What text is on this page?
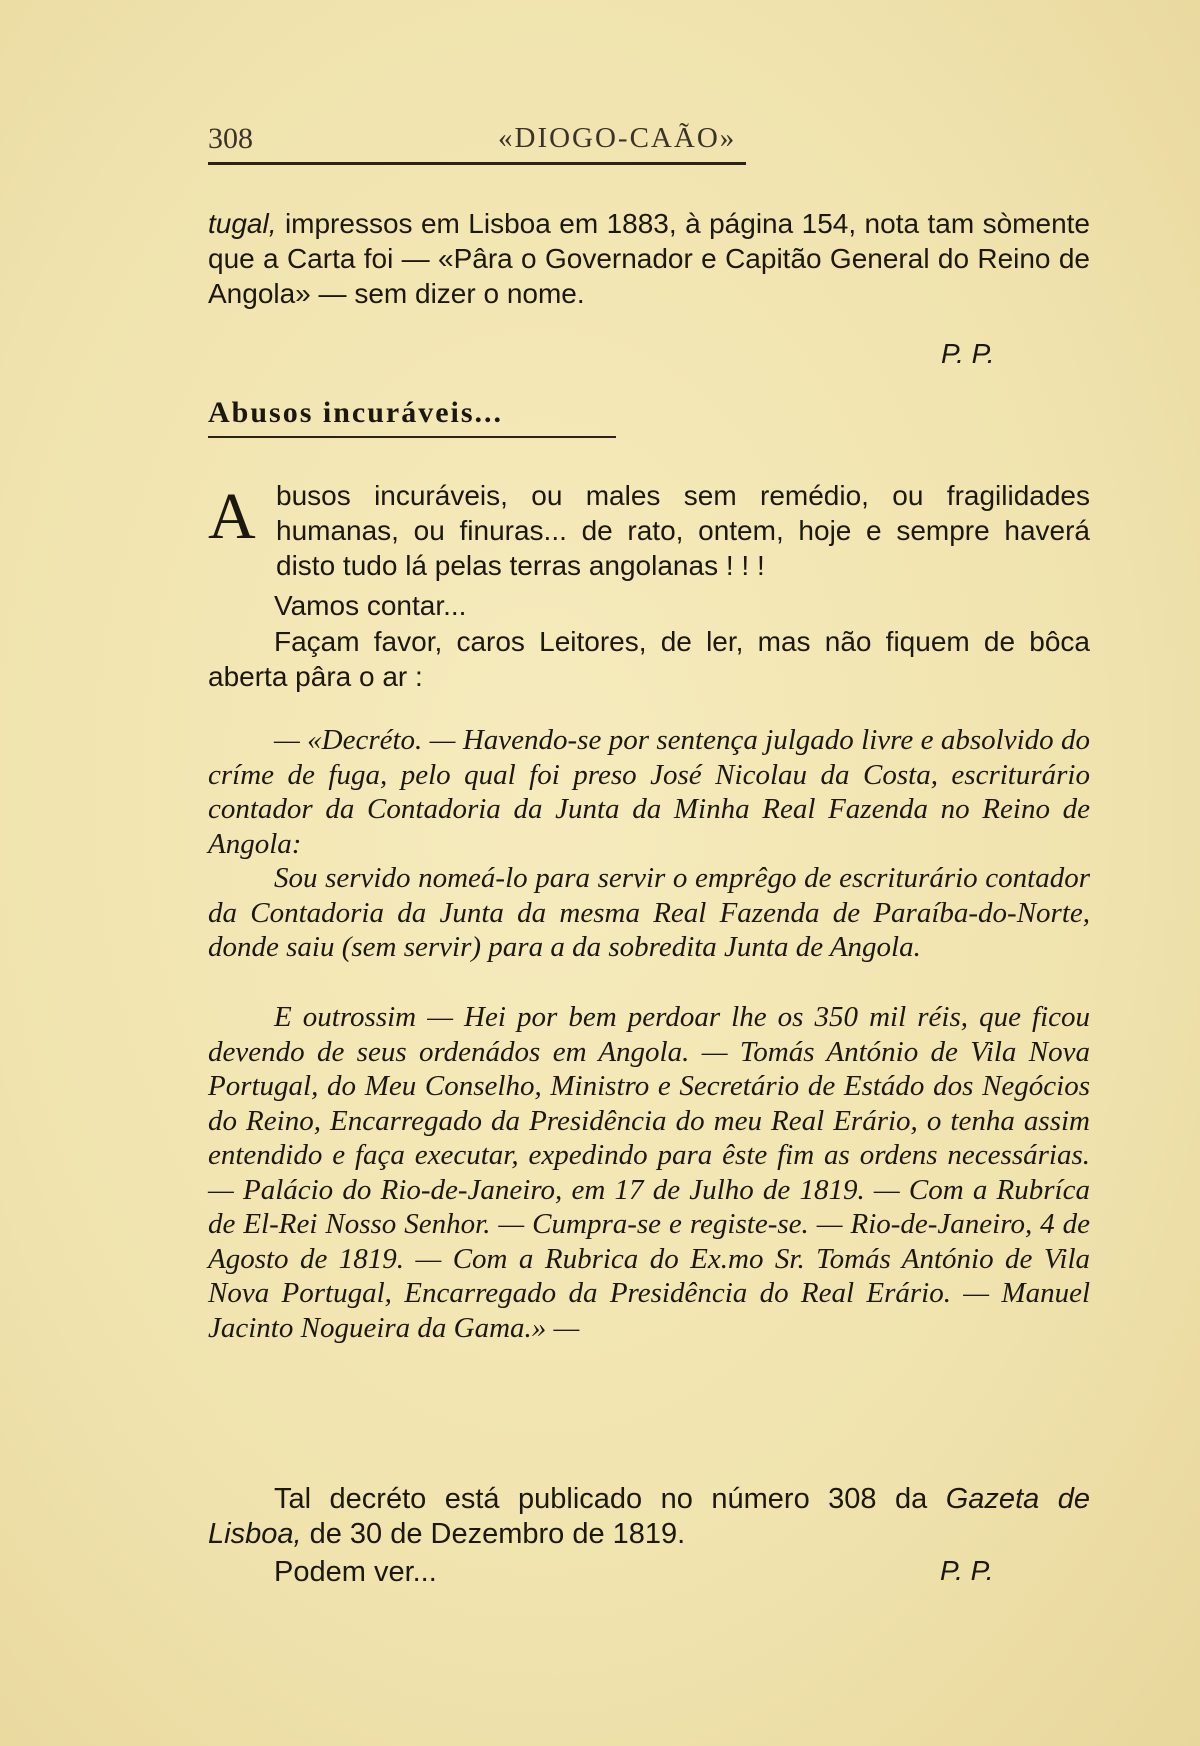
308	«DIOGO-CAÃO»

tugal, impressos em Lisboa em 1883, à página 154, nota tam sòmente que a Carta foi — «Pâra o Governador e Capitão General do Reino de Angola» — sem dizer o nome.

P. P.
Abusos incuráveis...
A busos incuráveis, ou males sem remédio, ou fragilidades humanas, ou finuras... de rato, ontem, hoje e sempre haverá disto tudo lá pelas terras angolanas ! ! !

Vamos contar...

Façam favor, caros Leitores, de ler, mas não fiquem de bôca aberta pâra o ar :

— «Decréto. — Havendo-se por sentença julgado livre e absolvido do críme de fuga, pelo qual foi preso José Nicolau da Costa, escriturário contador da Contadoria da Junta da Minha Real Fazenda no Reino de Angola:

Sou servido nomeá-lo para servir o emprêgo de escriturário contador da Contadoria da Junta da mesma Real Fazenda de Paraíba-do-Norte, donde saiu (sem servir) para a da sobredita Junta de Angola.

E outrossim — Hei por bem perdoar lhe os 350 mil réis, que ficou devendo de seus ordenádos em Angola. — Tomás António de Vila Nova Portugal, do Meu Conselho, Ministro e Secretário de Estádo dos Negócios do Reino, Encarregado da Presidência do meu Real Erário, o tenha assim entendido e faça executar, expedindo para êste fim as ordens necessárias. — Palácio do Rio-de-Janeiro, em 17 de Julho de 1819. — Com a Rubríca de El-Rei Nosso Senhor. — Cumpra-se e registe-se. — Rio-de-Janeiro, 4 de Agosto de 1819. — Com a Rubrica do Ex.mo Sr. Tomás António de Vila Nova Portugal, Encarregado da Presidência do Real Erário. — Manuel Jacinto Nogueira da Gama.» —

Tal decréto está publicado no número 308 da Gazeta de Lisboa, de 30 de Dezembro de 1819.

Podem ver...	P. P.
